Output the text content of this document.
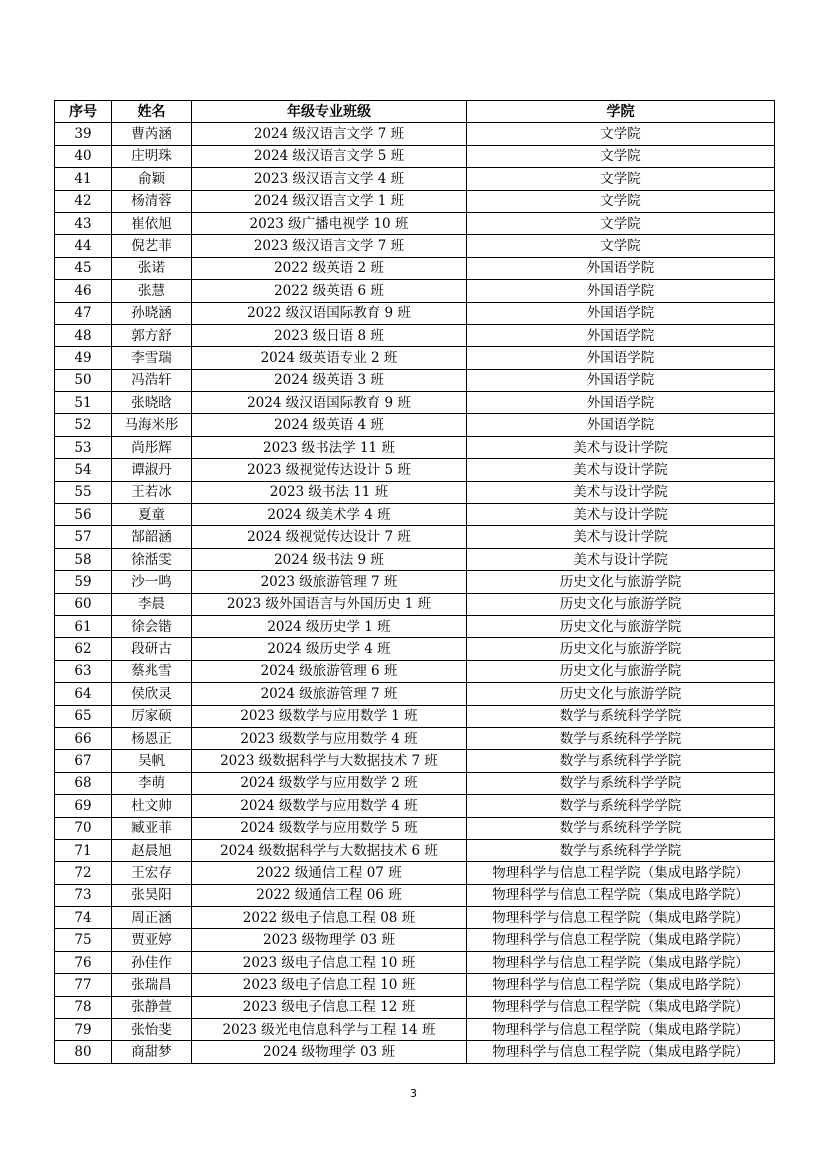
序号	姓名	年级专业班级	学院
39	曹芮涵	2024 级汉语言文学 7 班	文学院
40	庄明珠	2024 级汉语言文学 5 班	文学院
41	俞颖	2023 级汉语言文学 4 班	文学院
42	杨清蓉	2024 级汉语言文学 1 班	文学院
43	崔依旭	2023 级广播电视学 10 班	文学院
44	倪艺菲	2023 级汉语言文学 7 班	文学院
45	张诺	2022 级英语 2 班	外国语学院
46	张慧	2022 级英语 6 班	外国语学院
47	孙晓涵	2022 级汉语国际教育 9 班	外国语学院
48	郭方舒	2023 级日语 8 班	外国语学院
49	李雪瑞	2024 级英语专业 2 班	外国语学院
50	冯浩轩	2024 级英语 3 班	外国语学院
51	张晓晗	2024 级汉语国际教育 9 班	外国语学院
52	马海米彤	2024 级英语 4 班	外国语学院
53	尚彤辉	2023 级书法学 11 班	美术与设计学院
54	谭淑丹	2023 级视觉传达设计 5 班	美术与设计学院
55	王若冰	2023 级书法 11 班	美术与设计学院
56	夏童	2024 级美术学 4 班	美术与设计学院
57	郜韶涵	2024 级视觉传达设计 7 班	美术与设计学院
58	徐湉雯	2024 级书法 9 班	美术与设计学院
59	沙一鸣	2023 级旅游管理 7 班	历史文化与旅游学院
60	李晨	2023 级外国语言与外国历史 1 班	历史文化与旅游学院
61	徐会锴	2024 级历史学 1 班	历史文化与旅游学院
62	段研古	2024 级历史学 4 班	历史文化与旅游学院
63	蔡兆雪	2024 级旅游管理 6 班	历史文化与旅游学院
64	侯欣灵	2024 级旅游管理 7 班	历史文化与旅游学院
65	厉家硕	2023 级数学与应用数学 1 班	数学与系统科学学院
66	杨恩正	2023 级数学与应用数学 4 班	数学与系统科学学院
67	吴帆	2023 级数据科学与大数据技术 7 班	数学与系统科学学院
68	李萌	2024 级数学与应用数学 2 班	数学与系统科学学院
69	杜文帅	2024 级数学与应用数学 4 班	数学与系统科学学院
70	臧亚菲	2024 级数学与应用数学 5 班	数学与系统科学学院
71	赵晨旭	2024 级数据科学与大数据技术 6 班	数学与系统科学学院
72	王宏存	2022 级通信工程 07 班	物理科学与信息工程学院（集成电路学院）
73	张昊阳	2022 级通信工程 06 班	物理科学与信息工程学院（集成电路学院）
74	周正涵	2022 级电子信息工程 08 班	物理科学与信息工程学院（集成电路学院）
75	贾亚婷	2023 级物理学 03 班	物理科学与信息工程学院（集成电路学院）
76	孙佳作	2023 级电子信息工程 10 班	物理科学与信息工程学院（集成电路学院）
77	张瑞昌	2023 级电子信息工程 10 班	物理科学与信息工程学院（集成电路学院）
78	张静萱	2023 级电子信息工程 12 班	物理科学与信息工程学院（集成电路学院）
79	张怡斐	2023 级光电信息科学与工程 14 班	物理科学与信息工程学院（集成电路学院）
80	商甜梦	2024 级物理学 03 班	物理科学与信息工程学院（集成电路学院）
3
